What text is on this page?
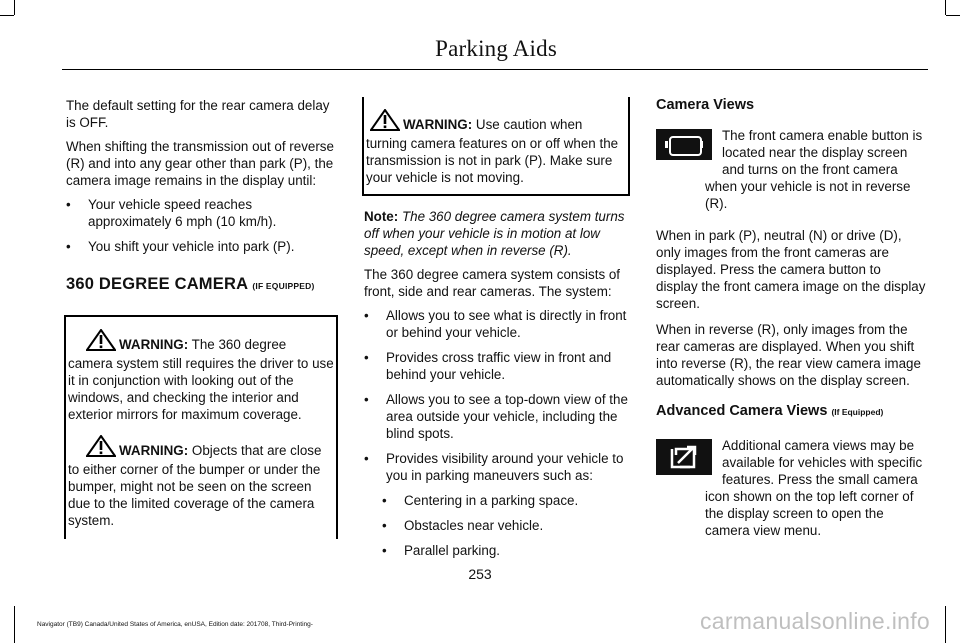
Parking Aids

The default setting for the rear camera delay is OFF.

When shifting the transmission out of reverse (R) and into any gear other than park (P), the camera image remains in the display until:

• Your vehicle speed reaches approximately 6 mph (10 km/h).
• You shift your vehicle into park (P).
360 DEGREE CAMERA (IF EQUIPPED)
WARNING: The 360 degree camera system still requires the driver to use it in conjunction with looking out of the windows, and checking the interior and exterior mirrors for maximum coverage.
WARNING: Objects that are close to either corner of the bumper or under the bumper, might not be seen on the screen due to the limited coverage of the camera system.
WARNING: Use caution when turning camera features on or off when the transmission is not in park (P). Make sure your vehicle is not moving.

Note: The 360 degree camera system turns off when your vehicle is in motion at low speed, except when in reverse (R).

The 360 degree camera system consists of front, side and rear cameras. The system:

• Allows you to see what is directly in front or behind your vehicle.
• Provides cross traffic view in front and behind your vehicle.
• Allows you to see a top-down view of the area outside your vehicle, including the blind spots.
• Provides visibility around your vehicle to you in parking maneuvers such as:
• Centering in a parking space.
• Obstacles near vehicle.
• Parallel parking.
Camera Views
The front camera enable button is located near the display screen and turns on the front camera when your vehicle is not in reverse (R).

When in park (P), neutral (N) or drive (D), only images from the front cameras are displayed. Press the camera button to display the front camera image on the display screen.

When in reverse (R), only images from the rear cameras are displayed. When you shift into reverse (R), the rear view camera image automatically shows on the display screen.

Advanced Camera Views (If Equipped)
Additional camera views may be available for vehicles with specific features. Press the small camera icon shown on the top left corner of the display screen to open the camera view menu.
253
Navigator (TB9) Canada/United States of America, enUSA, Edition date: 201708, Third-Printing-	carmanualsonline.info
